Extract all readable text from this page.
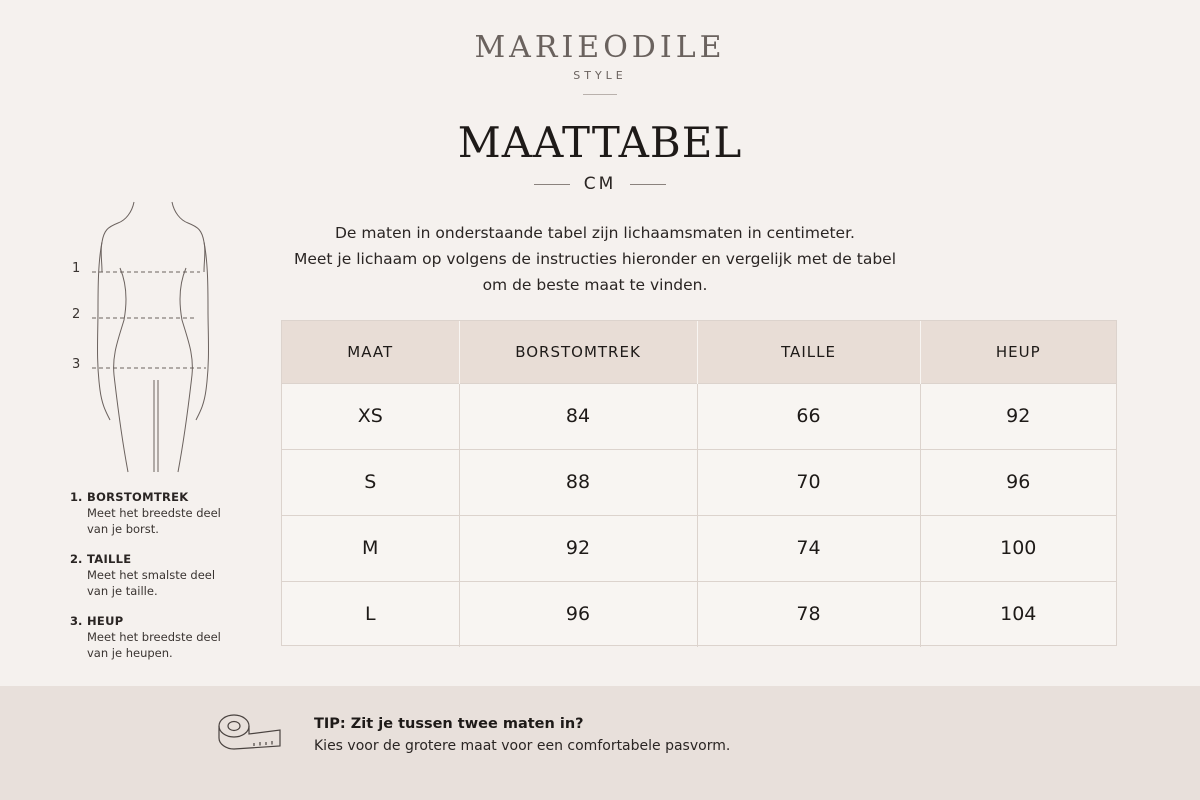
MARIEODILE
STYLE
MAATTABEL
CM

De maten in onderstaande tabel zijn lichaamsmaten in centimeter.

Meet je lichaam op volgens de instructies hieronder en vergelijk met de tabel

om de beste maat te vinden.

1
2
3
1. BORSTOMTREK
Meet het breedste deel
van je borst.
2. TAILLE
Meet het smalste deel
van je taille.
3. HEUP
Meet het breedste deel
van je heupen.
MAAT	BORSTOMTREK	TAILLE	HEUP
XS	84	66	92
S	88	70	96
M	92	74	100
L	96	78	104
TIP: Zit je tussen twee maten in?
Kies voor de grotere maat voor een comfortabele pasvorm.
